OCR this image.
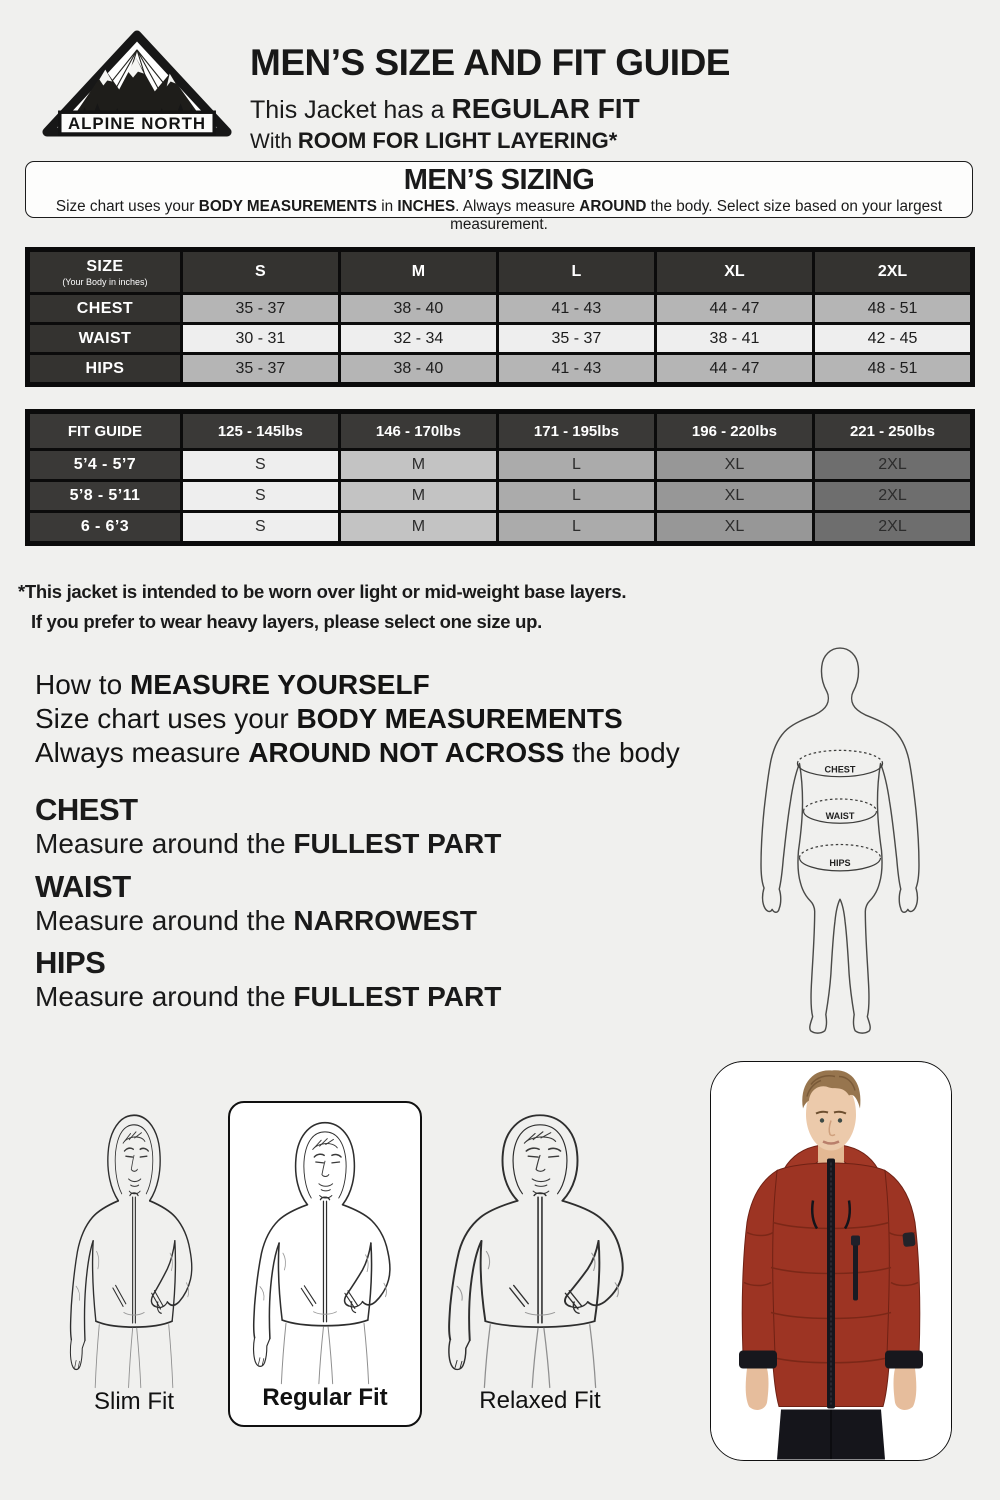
ALPINE NORTH
MEN’S SIZE AND FIT GUIDE
This Jacket has a REGULAR FIT
With ROOM FOR LIGHT LAYERING*
MEN’S SIZING

Size chart uses your BODY MEASUREMENTS in INCHES. Always measure AROUND the body. Select size based on your largest measurement.

SIZE
(Your Body in inches)	S	M	L	XL	2XL
CHEST	35 - 37	38 - 40	41 - 43	44 - 47	48 - 51
WAIST	30 - 31	32 - 34	35 - 37	38 - 41	42 - 45
HIPS	35 - 37	38 - 40	41 - 43	44 - 47	48 - 51
FIT GUIDE	125 - 145lbs	146 - 170lbs	171 - 195lbs	196 - 220lbs	221 - 250lbs
5’4 - 5’7	S	M	L	XL	2XL
5’8 - 5’11	S	M	L	XL	2XL
6 - 6’3	S	M	L	XL	2XL
*This jacket is intended to be worn over light or mid-weight base layers.
If you prefer to wear heavy layers, please select one size up.
How to MEASURE YOURSELF
Size chart uses your BODY MEASUREMENTS
Always measure AROUND NOT ACROSS the body
CHEST
Measure around the FULLEST PART
WAIST
Measure around the NARROWEST
HIPS
Measure around the FULLEST PART
CHEST
WAIST
HIPS
Slim Fit	Regular Fit	Relaxed Fit
